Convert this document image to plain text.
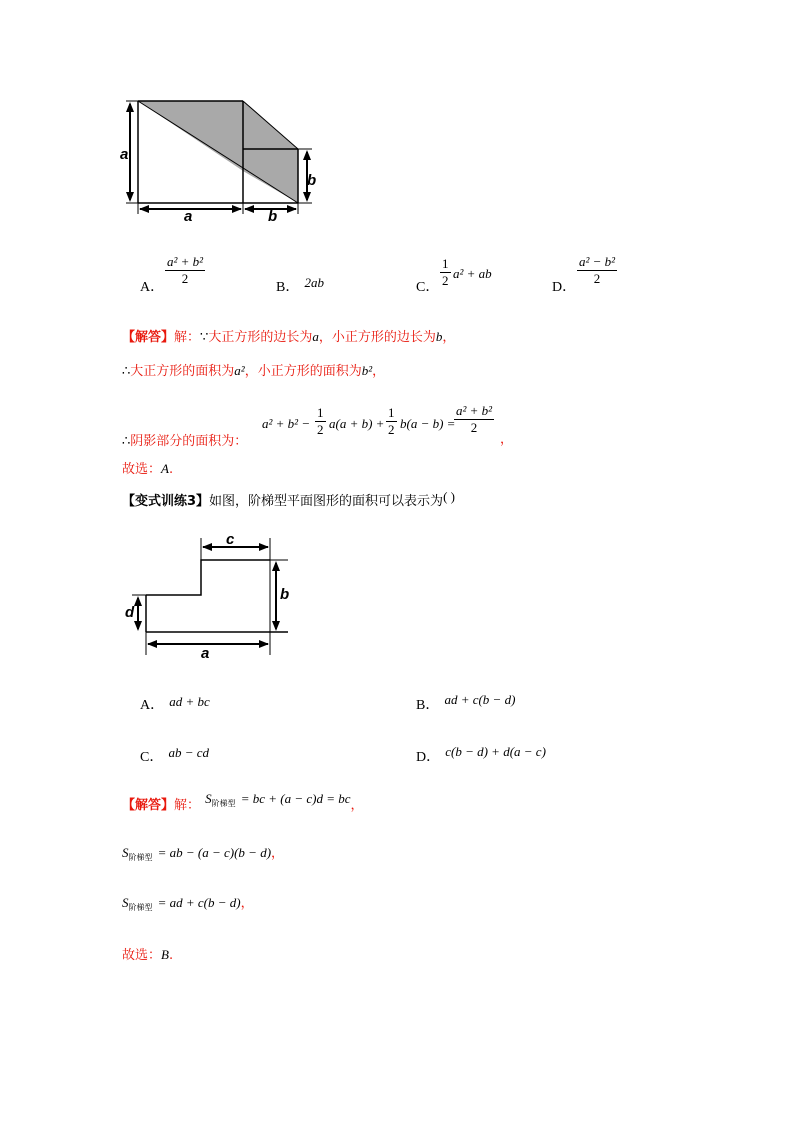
a
a	b
b
A． $\frac{\text{a² + b²}}{2}$	B． $^{2ab}$	C． $\frac{1}{2} a^2$ + ab
D． $\frac{\text{a² − b²}}{2}$
【解答】解：∵大正方形的边长为a，小正方形的边长为b，
∴大正方形的面积为a²，小正方形的面积为b²，
∴阴影部分的面积为：
$a^2 + b^2 - \frac{1}{2} a(a + b) + \frac{1}{2} b(a - b)$ =
$\frac{\text{a² + b²}}{2}$
，
故选：A.
【变式训练3】如图，阶梯型平面图形的面积可以表示为( )
c
b
d
a
A． ad + bc	B． $^{ad + c(b - d)}$
C． $^{ab - cd}$	D． $^{c(b - d) + d(a - c)}$
【解答】解： $^S$阶梯型 $^{= bc + (a - c)d = bc}$，
S阶梯型 = ab − (a − c)(b − d)，
S阶梯型 = ad + c(b − d)，
故选：B.
